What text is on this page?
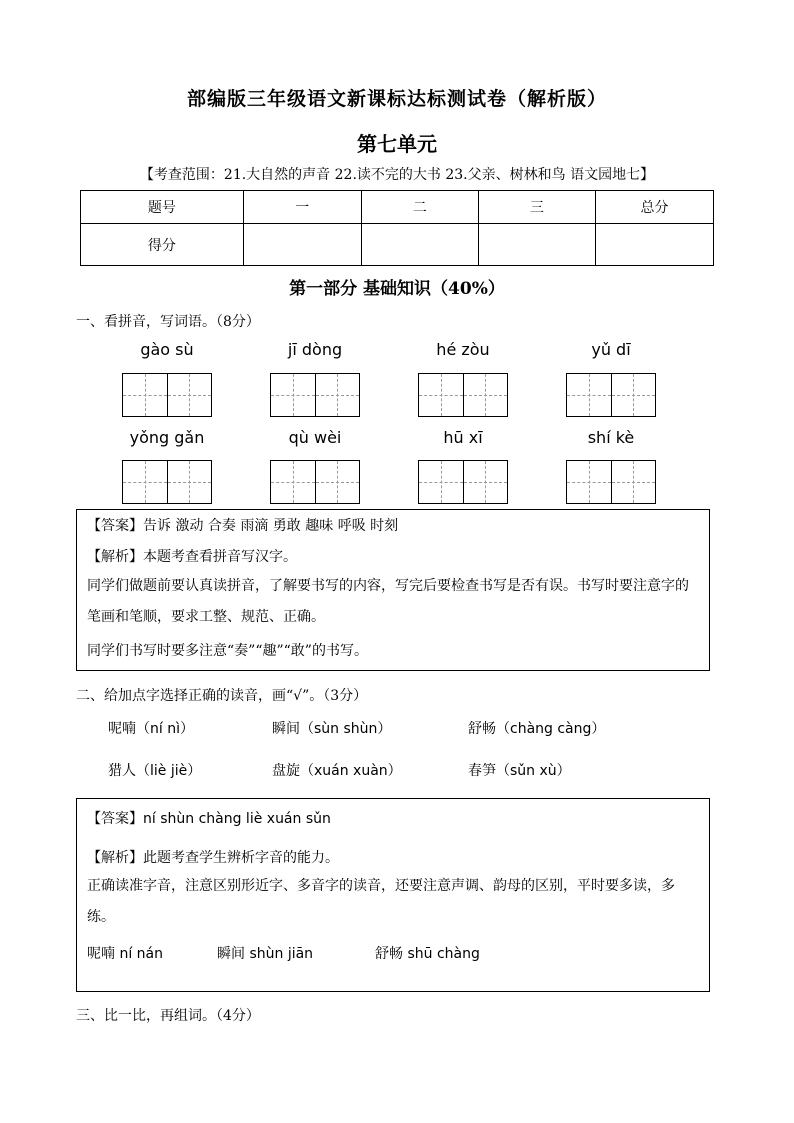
部编版三年级语文新课标达标测试卷（解析版）
第七单元
【考查范围：21.大自然的声音 22.读不完的大书 23.父亲、树林和鸟 语文园地七】
题号	一	二	三	总分
得分				
第一部分 基础知识（40%）
一、看拼音，写词语。（8分）
gào sù	jī dòng	hé zòu	yǔ dī
yǒng gǎn	qù wèi	hū xī	shí kè
【答案】告诉 激动 合奏 雨滴 勇敢 趣味 呼吸 时刻
【解析】本题考查看拼音写汉字。
同学们做题前要认真读拼音，了解要书写的内容，写完后要检查书写是否有误。书写时要注意字的笔画和笔顺，要求工整、规范、正确。
同学们书写时要多注意“奏”“趣”“敢”的书写。
二、给加点字选择正确的读音，画“√”。（3分）
呢喃（ní nì）	瞬间（sùn shùn）	舒畅（chàng càng）
猎人（liè jiè）	盘旋（xuán xuàn）	春笋（sǔn xù）
【答案】ní shùn chàng liè xuán sǔn
【解析】此题考查学生辨析字音的能力。
正确读准字音，注意区别形近字、多音字的读音，还要注意声调、韵母的区别，平时要多读，多练。
呢喃 ní nán	瞬间 shùn jiān	舒畅 shū chàng
三、比一比，再组词。（4分）
